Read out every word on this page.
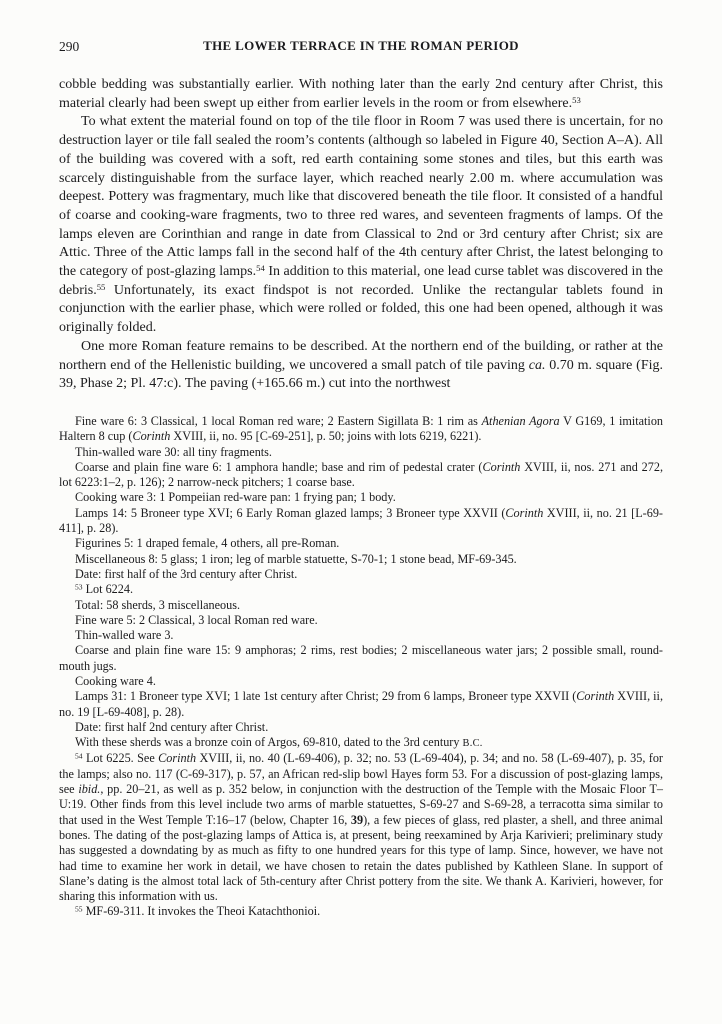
290	THE LOWER TERRACE IN THE ROMAN PERIOD

cobble bedding was substantially earlier. With nothing later than the early 2nd century after Christ, this material clearly had been swept up either from earlier levels in the room or from elsewhere.$^{53}$

To what extent the material found on top of the tile floor in Room 7 was used there is uncertain, for no destruction layer or tile fall sealed the room’s contents (although so labeled in Figure 40, Section A–A). All of the building was covered with a soft, red earth containing some stones and tiles, but this earth was scarcely distinguishable from the surface layer, which reached nearly 2.00 m. where accumulation was deepest. Pottery was fragmentary, much like that discovered beneath the tile floor. It consisted of a handful of coarse and cooking-ware fragments, two to three red wares, and seventeen fragments of lamps. Of the lamps eleven are Corinthian and range in date from Classical to 2nd or 3rd century after Christ; six are Attic. Three of the Attic lamps fall in the second half of the 4th century after Christ, the latest belonging to the category of post-glazing lamps.$^{54}$ In addition to this material, one lead curse tablet was discovered in the debris.$^{55}$ Unfortunately, its exact findspot is not recorded. Unlike the rectangular tablets found in conjunction with the earlier phase, which were rolled or folded, this one had been opened, although it was originally folded.

One more Roman feature remains to be described. At the northern end of the building, or rather at the northern end of the Hellenistic building, we uncovered a small patch of tile paving ca. 0.70 m. square (Fig. 39, Phase 2; Pl. 47:c). The paving (+165.66 m.) cut into the northwest

Fine ware 6: 3 Classical, 1 local Roman red ware; 2 Eastern Sigillata B: 1 rim as Athenian Agora V G169, 1 imitation Haltern 8 cup (Corinth XVIII, ii, no. 95 [C-69-251], p. 50; joins with lots 6219, 6221).

Thin-walled ware 30: all tiny fragments.

Coarse and plain fine ware 6: 1 amphora handle; base and rim of pedestal crater (Corinth XVIII, ii, nos. 271 and 272, lot 6223:1–2, p. 126); 2 narrow-neck pitchers; 1 coarse base.

Cooking ware 3: 1 Pompeiian red-ware pan: 1 frying pan; 1 body.

Lamps 14: 5 Broneer type XVI; 6 Early Roman glazed lamps; 3 Broneer type XXVII (Corinth XVIII, ii, no. 21 [L-69-411], p. 28).

Figurines 5: 1 draped female, 4 others, all pre-Roman.

Miscellaneous 8: 5 glass; 1 iron; leg of marble statuette, S-70-1; 1 stone bead, MF-69-345.

Date: first half of the 3rd century after Christ.

$^{53}$ Lot 6224.

Total: 58 sherds, 3 miscellaneous.

Fine ware 5: 2 Classical, 3 local Roman red ware.

Thin-walled ware 3.

Coarse and plain fine ware 15: 9 amphoras; 2 rims, rest bodies; 2 miscellaneous water jars; 2 possible small, round-mouth jugs.

Cooking ware 4.

Lamps 31: 1 Broneer type XVI; 1 late 1st century after Christ; 29 from 6 lamps, Broneer type XXVII (Corinth XVIII, ii, no. 19 [L-69-408], p. 28).

Date: first half 2nd century after Christ.

With these sherds was a bronze coin of Argos, 69-810, dated to the 3rd century B.C.

$^{54}$ Lot 6225. See Corinth XVIII, ii, no. 40 (L-69-406), p. 32; no. 53 (L-69-404), p. 34; and no. 58 (L-69-407), p. 35, for the lamps; also no. 117 (C-69-317), p. 57, an African red-slip bowl Hayes form 53. For a discussion of post-glazing lamps, see ibid., pp. 20–21, as well as p. 352 below, in conjunction with the destruction of the Temple with the Mosaic Floor T–U:19. Other finds from this level include two arms of marble statuettes, S-69-27 and S-69-28, a terracotta sima similar to that used in the West Temple T:16–17 (below, Chapter 16, 39), a few pieces of glass, red plaster, a shell, and three animal bones. The dating of the post-glazing lamps of Attica is, at present, being reexamined by Arja Karivieri; preliminary study has suggested a downdating by as much as fifty to one hundred years for this type of lamp. Since, however, we have not had time to examine her work in detail, we have chosen to retain the dates published by Kathleen Slane. In support of Slane’s dating is the almost total lack of 5th-century after Christ pottery from the site. We thank A. Karivieri, however, for sharing this information with us.

$^{55}$ MF-69-311. It invokes the Theoi Katachthonioi.
